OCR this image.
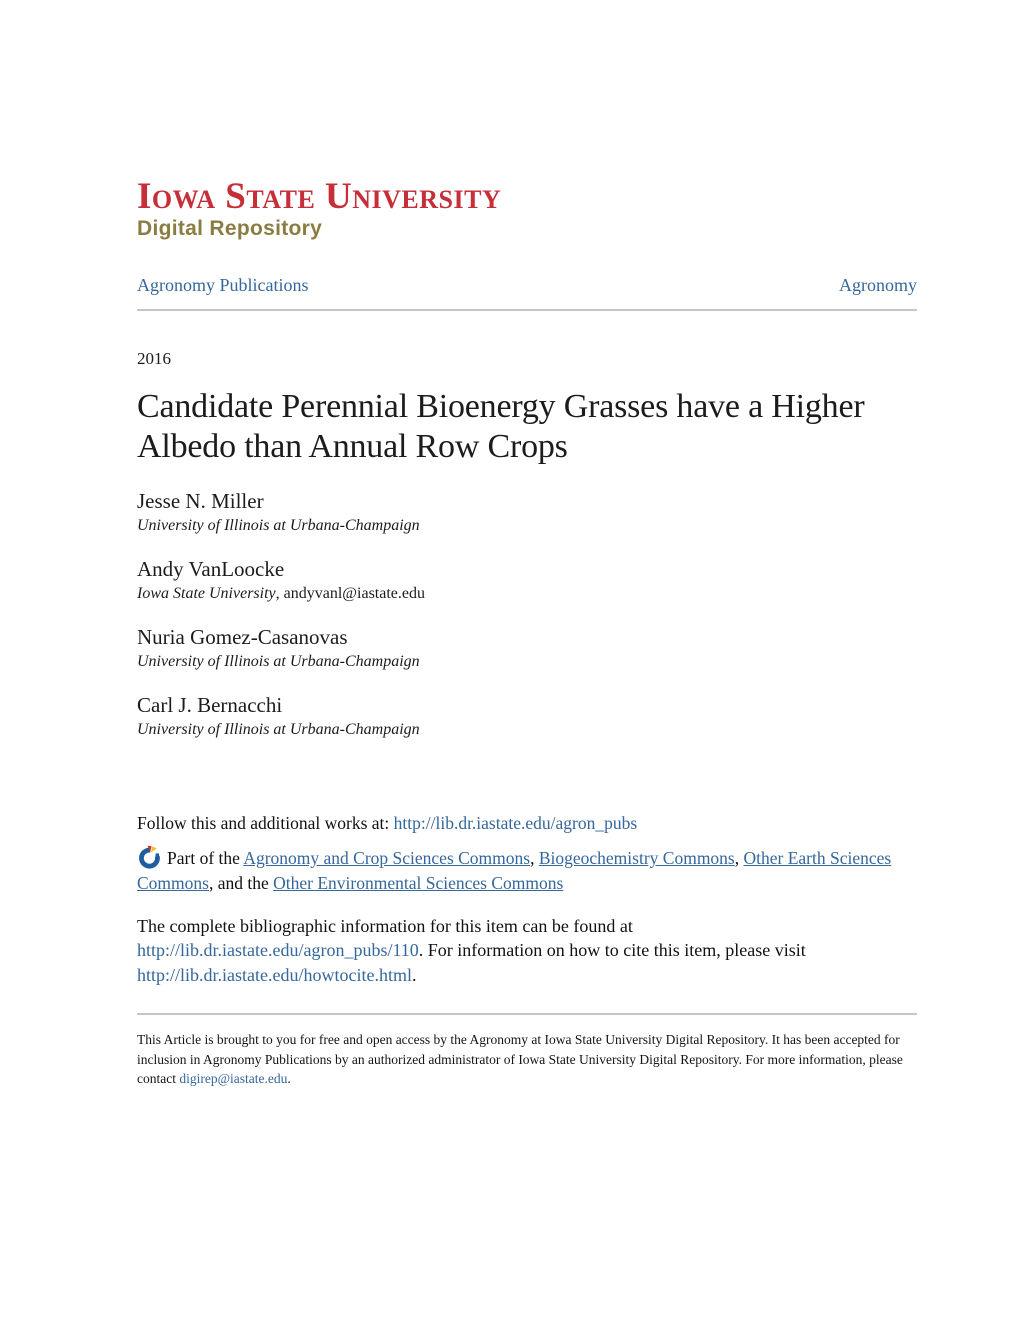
Iowa State University
Digital Repository
Agronomy Publications	Agronomy
2016
Candidate Perennial Bioenergy Grasses have a Higher Albedo than Annual Row Crops
Jesse N. Miller
University of Illinois at Urbana-Champaign
Andy VanLoocke
Iowa State University, andyvanl@iastate.edu
Nuria Gomez-Casanovas
University of Illinois at Urbana-Champaign
Carl J. Bernacchi
University of Illinois at Urbana-Champaign
Follow this and additional works at: http://lib.dr.iastate.edu/agron_pubs
Part of the Agronomy and Crop Sciences Commons, Biogeochemistry Commons, Other Earth Sciences Commons, and the Other Environmental Sciences Commons
The complete bibliographic information for this item can be found at http://lib.dr.iastate.edu/agron_pubs/110. For information on how to cite this item, please visit http://lib.dr.iastate.edu/howtocite.html.
This Article is brought to you for free and open access by the Agronomy at Iowa State University Digital Repository. It has been accepted for inclusion in Agronomy Publications by an authorized administrator of Iowa State University Digital Repository. For more information, please contact digirep@iastate.edu.
